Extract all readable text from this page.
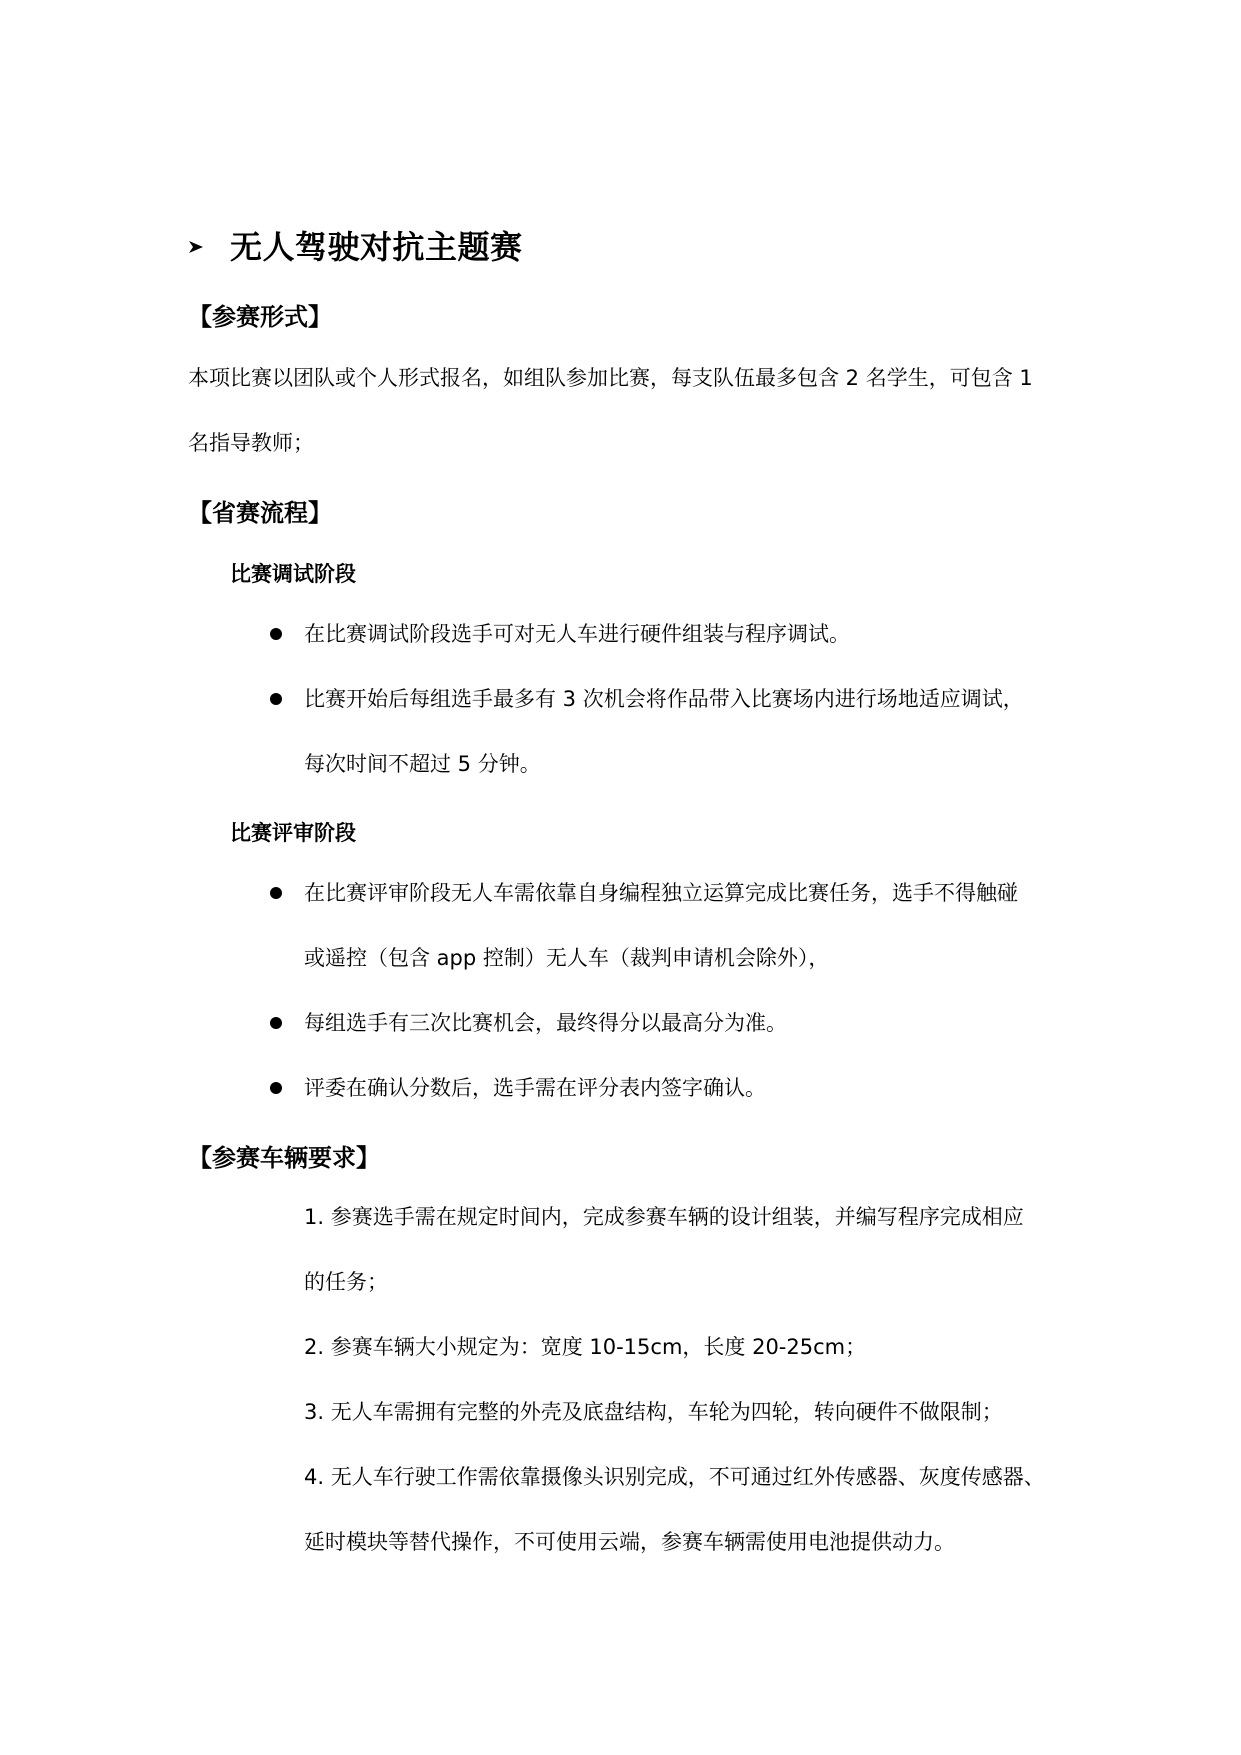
无人驾驶对抗主题赛
【参赛形式】
本项比赛以团队或个人形式报名，如组队参加比赛，每支队伍最多包含 2 名学生，可包含 1
名指导教师；
【省赛流程】
比赛调试阶段
在比赛调试阶段选手可对无人车进行硬件组装与程序调试。
比赛开始后每组选手最多有 3 次机会将作品带入比赛场内进行场地适应调试，
每次时间不超过 5 分钟。
比赛评审阶段
在比赛评审阶段无人车需依靠自身编程独立运算完成比赛任务，选手不得触碰
或遥控（包含 app 控制）无人车（裁判申请机会除外），
每组选手有三次比赛机会，最终得分以最高分为准。
评委在确认分数后，选手需在评分表内签字确认。
【参赛车辆要求】
1. 参赛选手需在规定时间内，完成参赛车辆的设计组装，并编写程序完成相应
的任务；
2. 参赛车辆大小规定为：宽度 10-15cm，长度 20-25cm；
3. 无人车需拥有完整的外壳及底盘结构，车轮为四轮，转向硬件不做限制；
4. 无人车行驶工作需依靠摄像头识别完成，不可通过红外传感器、灰度传感器、
延时模块等替代操作，不可使用云端，参赛车辆需使用电池提供动力。
